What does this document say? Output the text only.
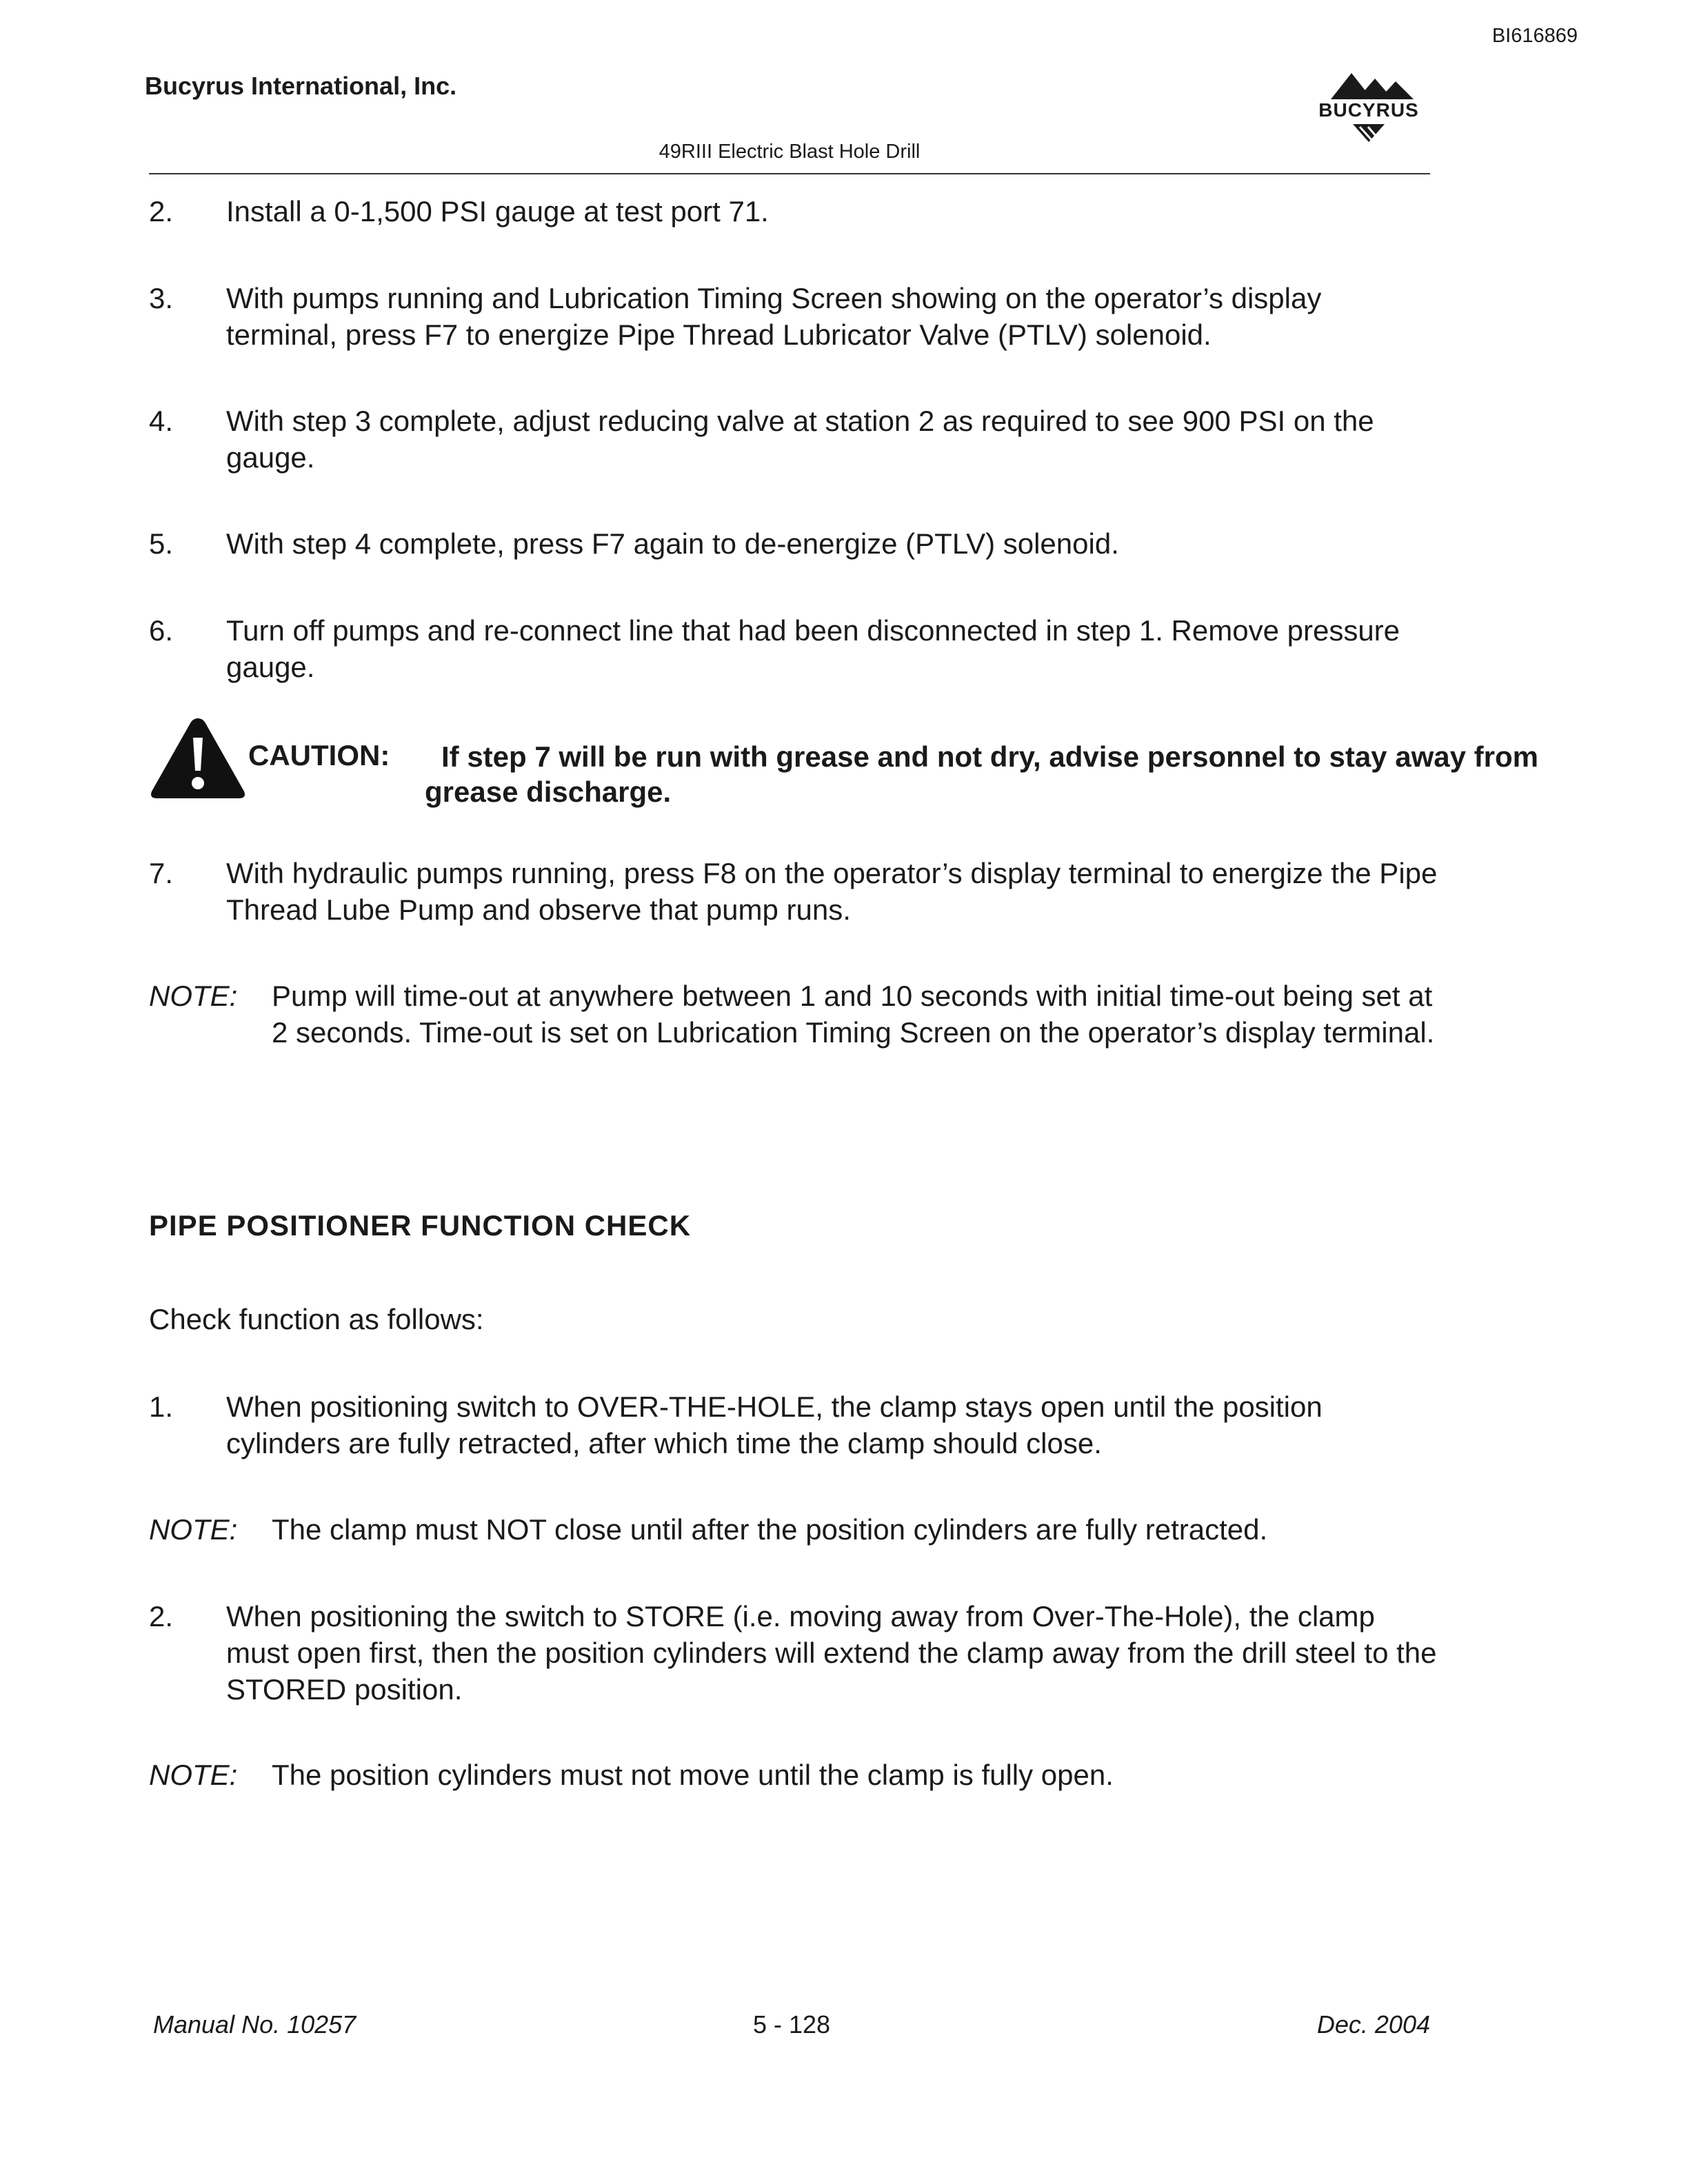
BI616869
Bucyrus International, Inc.
BUCYRUS
49RIII Electric Blast Hole Drill
2. Install a 0-1,500 PSI gauge at test port 71.
3. With pumps running and Lubrication Timing Screen showing on the operator’s display terminal, press F7 to energize Pipe Thread Lubricator Valve (PTLV) solenoid.
4. With step 3 complete, adjust reducing valve at station 2 as required to see 900 PSI on the gauge.
5. With step 4 complete, press F7 again to de-energize (PTLV) solenoid.
6. Turn off pumps and re-connect line that had been disconnected in step 1. Remove pressure gauge.
CAUTION:	If step 7 will be run with grease and not dry, advise personnel to stay away from grease discharge.
7. With hydraulic pumps running, press F8 on the operator’s display terminal to energize the Pipe Thread Lube Pump and observe that pump runs.
NOTE: Pump will time-out at anywhere between 1 and 10 seconds with initial time-out being set at 2 seconds. Time-out is set on Lubrication Timing Screen on the operator’s display terminal.
PIPE POSITIONER FUNCTION CHECK
Check function as follows:
1. When positioning switch to OVER-THE-HOLE, the clamp stays open until the position cylinders are fully retracted, after which time the clamp should close.
NOTE: The clamp must NOT close until after the position cylinders are fully retracted.
2. When positioning the switch to STORE (i.e. moving away from Over-The-Hole), the clamp must open first, then the position cylinders will extend the clamp away from the drill steel to the STORED position.
NOTE: The position cylinders must not move until the clamp is fully open.
Manual No. 10257	5 - 128	Dec. 2004
